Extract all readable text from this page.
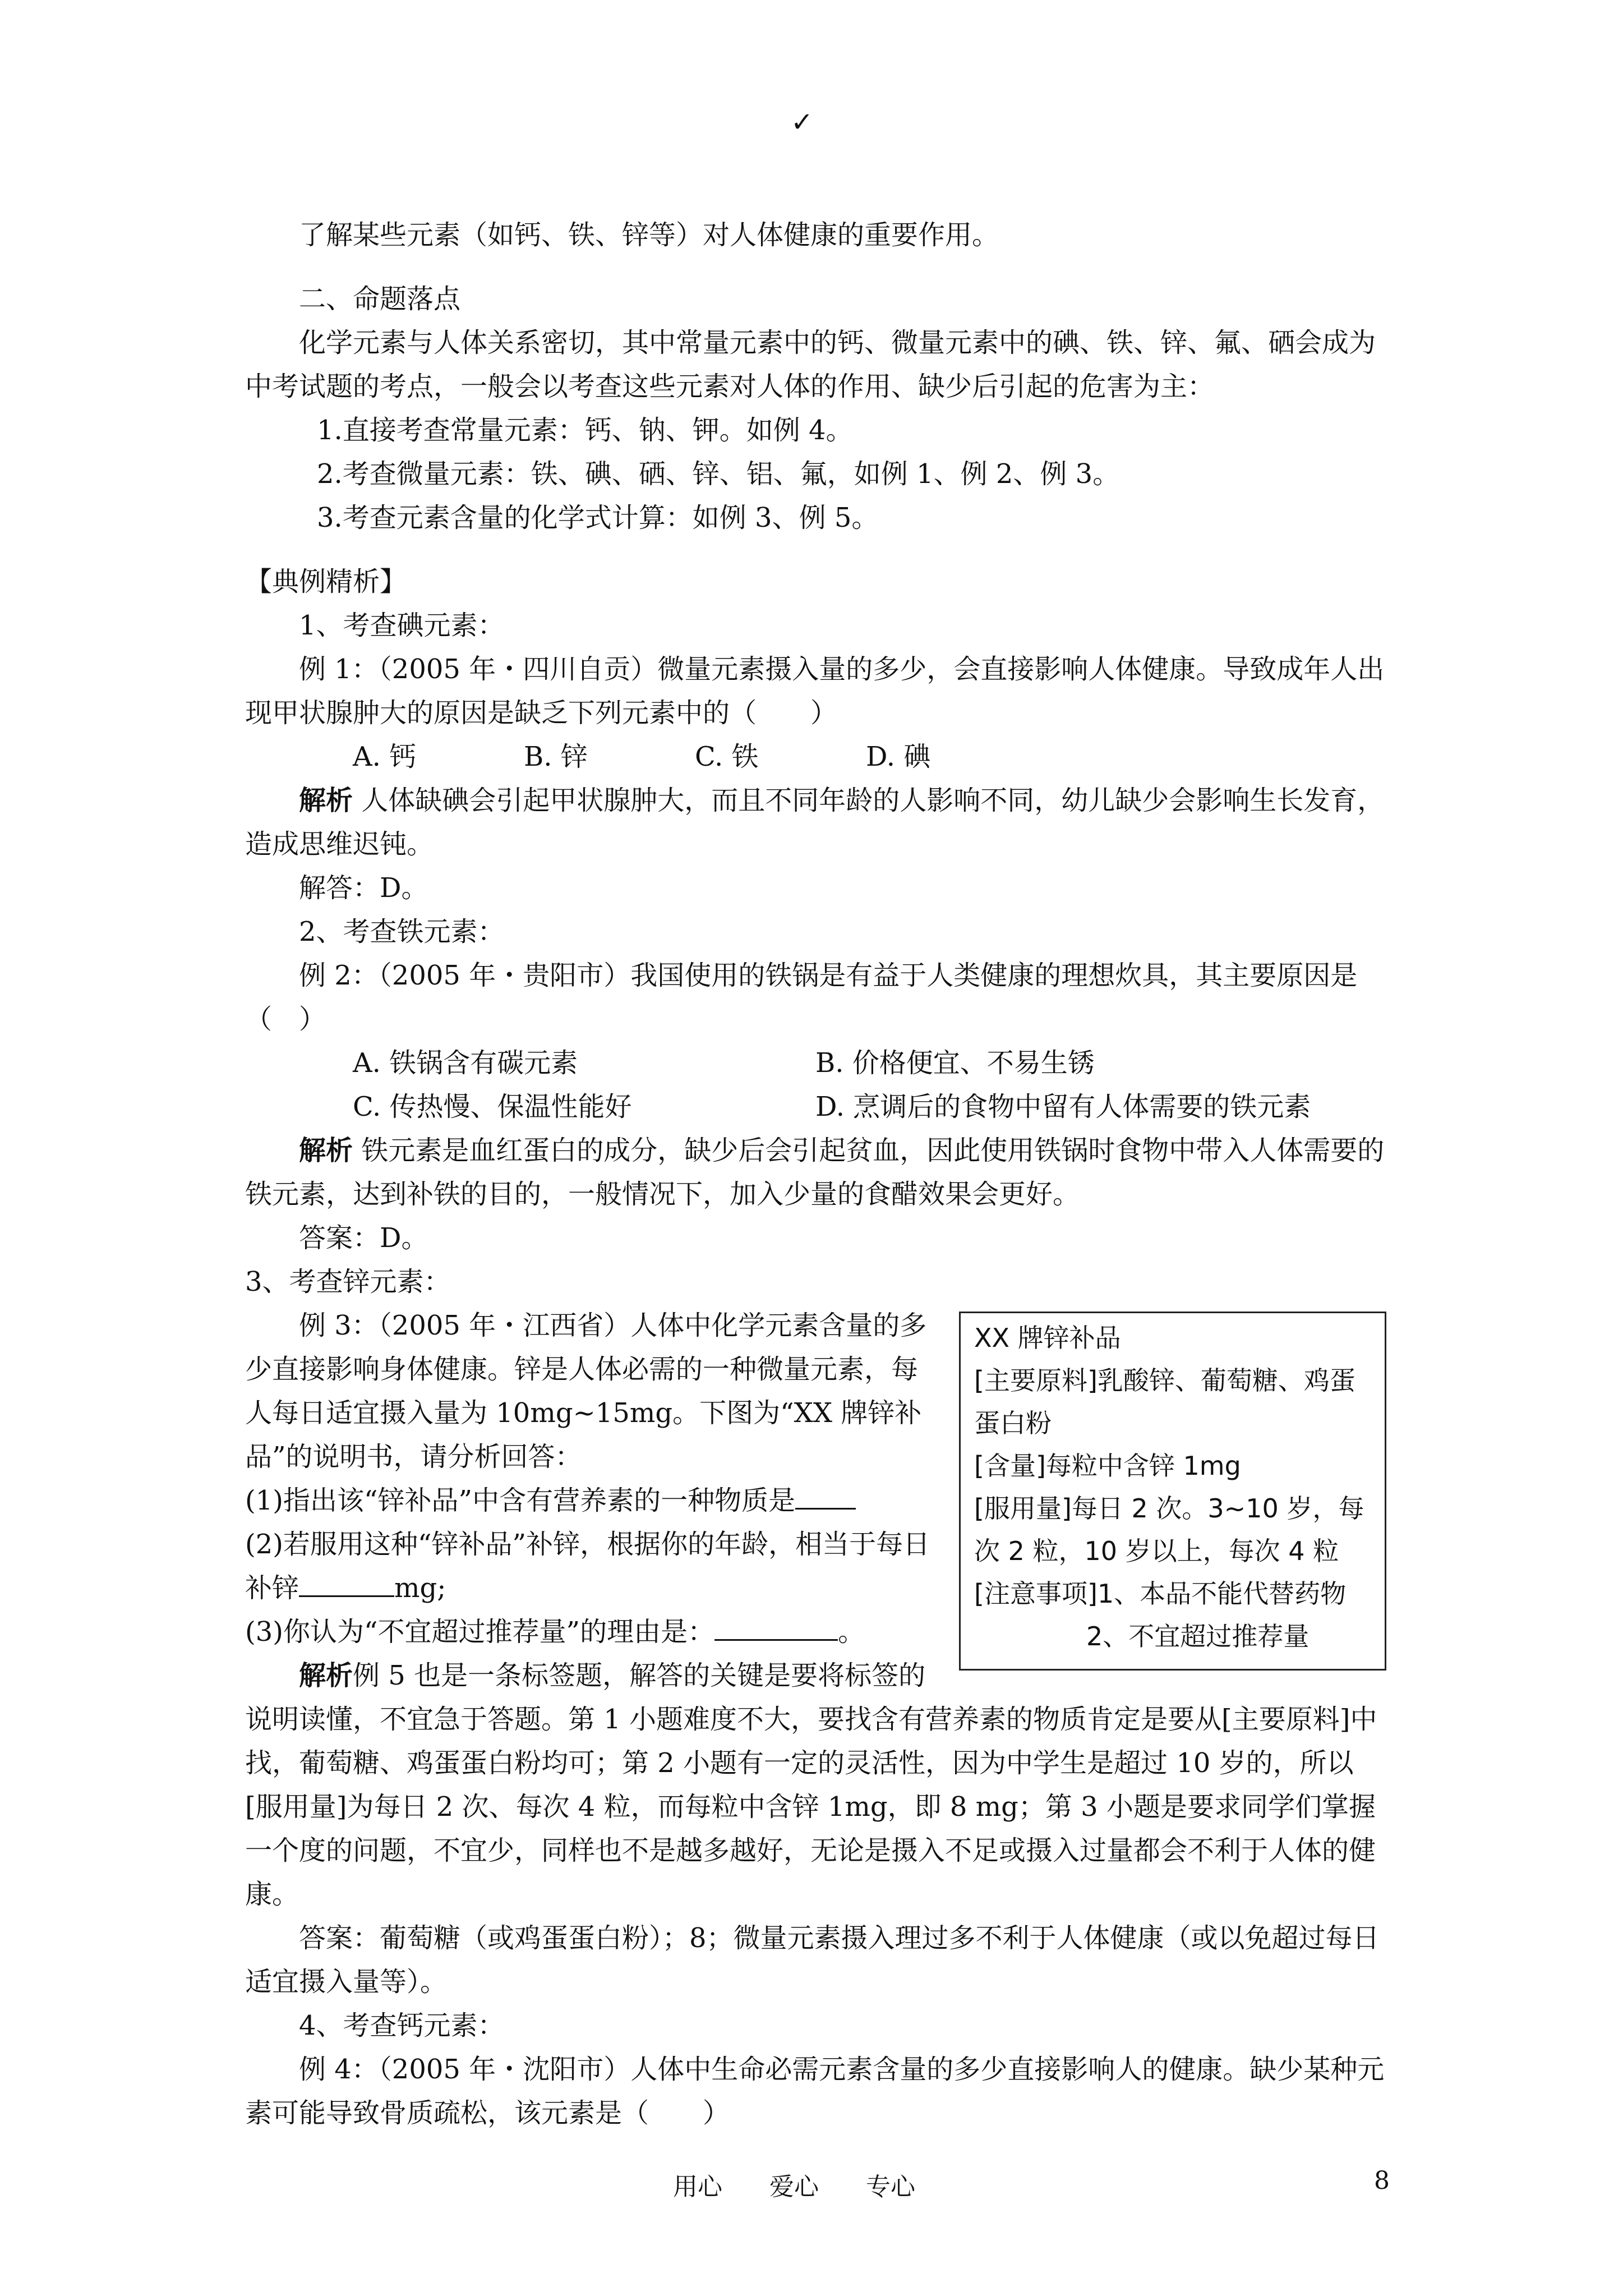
✓

了解某些元素（如钙、铁、锌等）对人体健康的重要作用。

二、命题落点

化学元素与人体关系密切，其中常量元素中的钙、微量元素中的碘、铁、锌、氟、硒会成为中考试题的考点，一般会以考查这些元素对人体的作用、缺少后引起的危害为主：

1.直接考查常量元素：钙、钠、钾。如例 4。

2.考查微量元素：铁、碘、硒、锌、铝、氟，如例 1、例 2、例 3。

3.考查元素含量的化学式计算：如例 3、例 5。

【典例精析】

1、考查碘元素：

例 1：（2005 年・四川自贡）微量元素摄入量的多少，会直接影响人体健康。导致成年人出现甲状腺肿大的原因是缺乏下列元素中的（　　）

A. 钙	B. 锌	C. 铁	D. 碘

解析 人体缺碘会引起甲状腺肿大，而且不同年龄的人影响不同，幼儿缺少会影响生长发育，造成思维迟钝。

解答：D。

2、考查铁元素：

例 2：（2005 年・贵阳市）我国使用的铁锅是有益于人类健康的理想炊具，其主要原因是（　）

A. 铁锅含有碳元素	B. 价格便宜、不易生锈

C. 传热慢、保温性能好	D. 烹调后的食物中留有人体需要的铁元素

解析 铁元素是血红蛋白的成分，缺少后会引起贫血，因此使用铁锅时食物中带入人体需要的铁元素，达到补铁的目的，一般情况下，加入少量的食醋效果会更好。

答案：D。

3、考查锌元素：

XX 牌锌补品
[主要原料]乳酸锌、葡萄糖、鸡蛋蛋白粉
[含量]每粒中含锌 1mg
[服用量]每日 2 次。3~10 岁，每次 2 粒，10 岁以上，每次 4 粒
[注意事项]1、本品不能代替药物
2、不宜超过推荐量

例 3：（2005 年・江西省）人体中化学元素含量的多少直接影响身体健康。锌是人体必需的一种微量元素，每人每日适宜摄入量为 10mg~15mg。下图为“XX 牌锌补品”的说明书，请分析回答：

(1)指出该“锌补品”中含有营养素的一种物质是

(2)若服用这种“锌补品”补锌，根据你的年龄，相当于每日补锌	mg;

(3)你认为“不宜超过推荐量”的理由是：	。

解析例 5 也是一条标签题，解答的关键是要将标签的说明读懂，不宜急于答题。第 1 小题难度不大，要找含有营养素的物质肯定是要从[主要原料]中找，葡萄糖、鸡蛋蛋白粉均可；第 2 小题有一定的灵活性，因为中学生是超过 10 岁的，所以[服用量]为每日 2 次、每次 4 粒，而每粒中含锌 1mg，即 8 mg；第 3 小题是要求同学们掌握一个度的问题，不宜少，同样也不是越多越好，无论是摄入不足或摄入过量都会不利于人体的健康。

答案：葡萄糖（或鸡蛋蛋白粉）；8；微量元素摄入理过多不利于人体健康（或以免超过每日适宜摄入量等）。

4、考查钙元素：

例 4：（2005 年・沈阳市）人体中生命必需元素含量的多少直接影响人的健康。缺少某种元素可能导致骨质疏松，该元素是（　　）

用心 爱心 专心	8
